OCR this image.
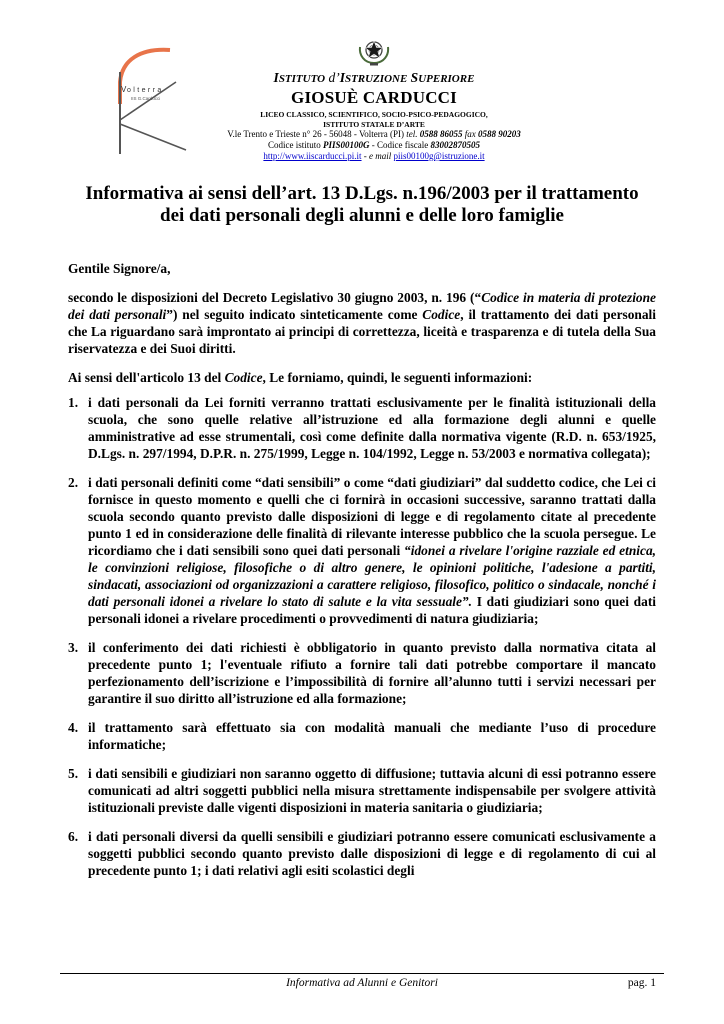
V olterra
IIS G.Carducci
ISTITUTO d’ISTRUZIONE SUPERIORE
GIOSUÈ CARDUCCI
LICEO CLASSICO, SCIENTIFICO, SOCIO-PSICO-PEDAGOGICO,
ISTITUTO STATALE D’ARTE
V.le Trento e Trieste n° 26 - 56048 - Volterra (PI) tel. 0588 86055 fax 0588 90203
Codice istituto PIIS00100G - Codice fiscale 83002870505
http://www.iiscarducci.pi.it - e mail piis00100g@istruzione.it
Informativa ai sensi dell’art. 13 D.Lgs. n.196/2003 per il trattamento
dei dati personali degli alunni e delle loro famiglie

Gentile Signore/a,

secondo le disposizioni del Decreto Legislativo 30 giugno 2003, n. 196 (“Codice in materia di protezione dei dati personali”) nel seguito indicato sinteticamente come Codice, il trattamento dei dati personali che La riguardano sarà improntato ai principi di correttezza, liceità e trasparenza e di tutela della Sua riservatezza e dei Suoi diritti.

Ai sensi dell'articolo 13 del Codice, Le forniamo, quindi, le seguenti informazioni:

1. i dati personali da Lei forniti verranno trattati esclusivamente per le finalità istituzionali della scuola, che sono quelle relative all’istruzione ed alla formazione degli alunni e quelle amministrative ad esse strumentali, così come definite dalla normativa vigente (R.D. n. 653/1925, D.Lgs. n. 297/1994, D.P.R. n. 275/1999, Legge n. 104/1992, Legge n. 53/2003 e normativa collegata);
2. i dati personali definiti come “dati sensibili” o come “dati giudiziari” dal suddetto codice, che Lei ci fornisce in questo momento e quelli che ci fornirà in occasioni successive, saranno trattati dalla scuola secondo quanto previsto dalle disposizioni di legge e di regolamento citate al precedente punto 1 ed in considerazione delle finalità di rilevante interesse pubblico che la scuola persegue. Le ricordiamo che i dati sensibili sono quei dati personali “idonei a rivelare l'origine razziale ed etnica, le convinzioni religiose, filosofiche o di altro genere, le opinioni politiche, l'adesione a partiti, sindacati, associazioni od organizzazioni a carattere religioso, filosofico, politico o sindacale, nonché i dati personali idonei a rivelare lo stato di salute e la vita sessuale”. I dati giudiziari sono quei dati personali idonei a rivelare procedimenti o provvedimenti di natura giudiziaria;
3. il conferimento dei dati richiesti è obbligatorio in quanto previsto dalla normativa citata al precedente punto 1; l'eventuale rifiuto a fornire tali dati potrebbe comportare il mancato perfezionamento dell’iscrizione e l’impossibilità di fornire all’alunno tutti i servizi necessari per garantire il suo diritto all’istruzione ed alla formazione;
4. il trattamento sarà effettuato sia con modalità manuali che mediante l’uso di procedure informatiche;
5. i dati sensibili e giudiziari non saranno oggetto di diffusione; tuttavia alcuni di essi potranno essere comunicati ad altri soggetti pubblici nella misura strettamente indispensabile per svolgere attività istituzionali previste dalle vigenti disposizioni in materia sanitaria o giudiziaria;
6. i dati personali diversi da quelli sensibili e giudiziari potranno essere comunicati esclusivamente a soggetti pubblici secondo quanto previsto dalle disposizioni di legge e di regolamento di cui al precedente punto 1; i dati relativi agli esiti scolastici degli
Informativa ad Alunni e Genitori	pag. 1
